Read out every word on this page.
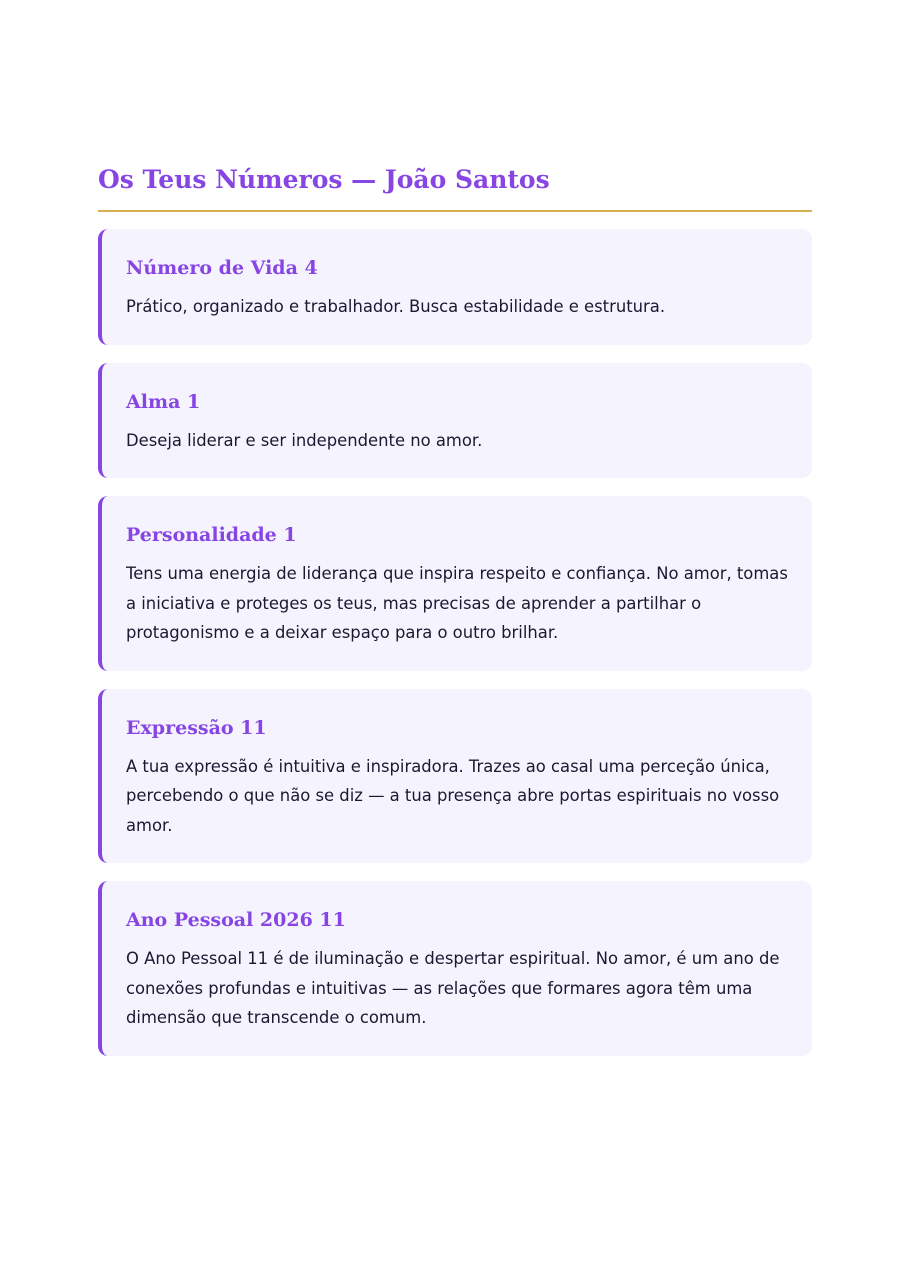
Os Teus Números — João Santos
Número de Vida 4

Prático, organizado e trabalhador. Busca estabilidade e estrutura.

Alma 1

Deseja liderar e ser independente no amor.

Personalidade 1

Tens uma energia de liderança que inspira respeito e confiança. No amor, tomas a iniciativa e proteges os teus, mas precisas de aprender a partilhar o protagonismo e a deixar espaço para o outro brilhar.

Expressão 11

A tua expressão é intuitiva e inspiradora. Trazes ao casal uma perceção única, percebendo o que não se diz — a tua presença abre portas espirituais no vosso amor.

Ano Pessoal 2026 11

O Ano Pessoal 11 é de iluminação e despertar espiritual. No amor, é um ano de conexões profundas e intuitivas — as relações que formares agora têm uma dimensão que transcende o comum.
